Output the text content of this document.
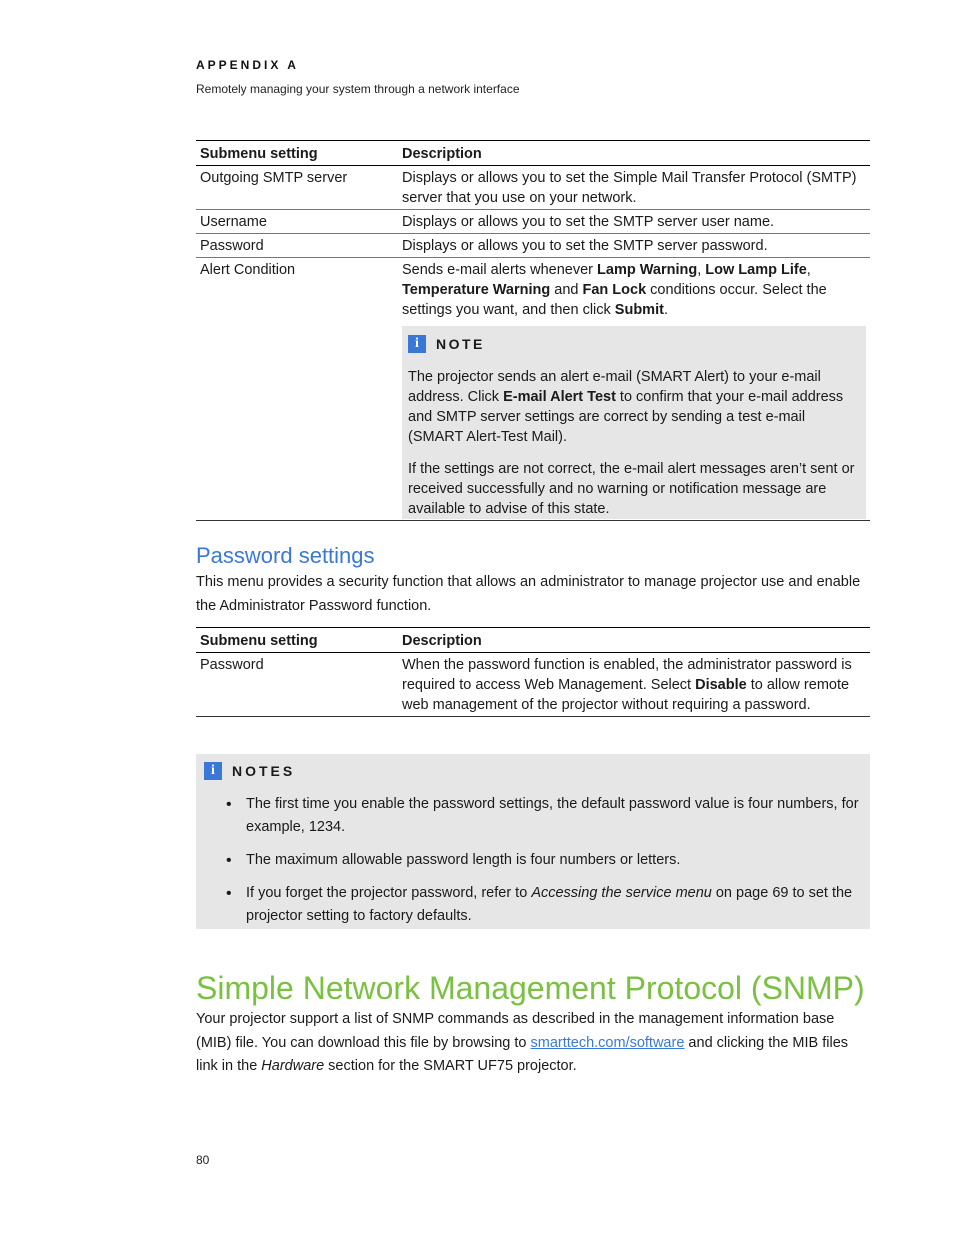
APPENDIX A
Remotely managing your system through a network interface
Submenu setting	Description
Outgoing SMTP server	Displays or allows you to set the Simple Mail Transfer Protocol (SMTP) server that you use on your network.
Username	Displays or allows you to set the SMTP server user name.
Password	Displays or allows you to set the SMTP server password.
Alert Condition	Sends e-mail alerts whenever Lamp Warning, Low Lamp Life, Temperature Warning and Fan Lock conditions occur. Select the settings you want, and then click Submit.
i NOTE

The projector sends an alert e-mail (SMART Alert) to your e-mail address. Click E-mail Alert Test to confirm that your e-mail address and SMTP server settings are correct by sending a test e-mail (SMART Alert-Test Mail).

If the settings are not correct, the e-mail alert messages aren’t sent or received successfully and no warning or notification message are available to advise of this state.

Password settings
This menu provides a security function that allows an administrator to manage projector use and enable the Administrator Password function.
Submenu setting	Description
Password	When the password function is enabled, the administrator password is required to access Web Management. Select Disable to allow remote web management of the projector without requiring a password.
i	NOTES
• The first time you enable the password settings, the default password value is four numbers, for example, 1234.
• The maximum allowable password length is four numbers or letters.
• If you forget the projector password, refer to Accessing the service menu on page 69 to set the projector setting to factory defaults.
Simple Network Management Protocol (SNMP)
Your projector support a list of SNMP commands as described in the management information base (MIB) file. You can download this file by browsing to smarttech.com/software and clicking the MIB files link in the Hardware section for the SMART UF75 projector.
80
